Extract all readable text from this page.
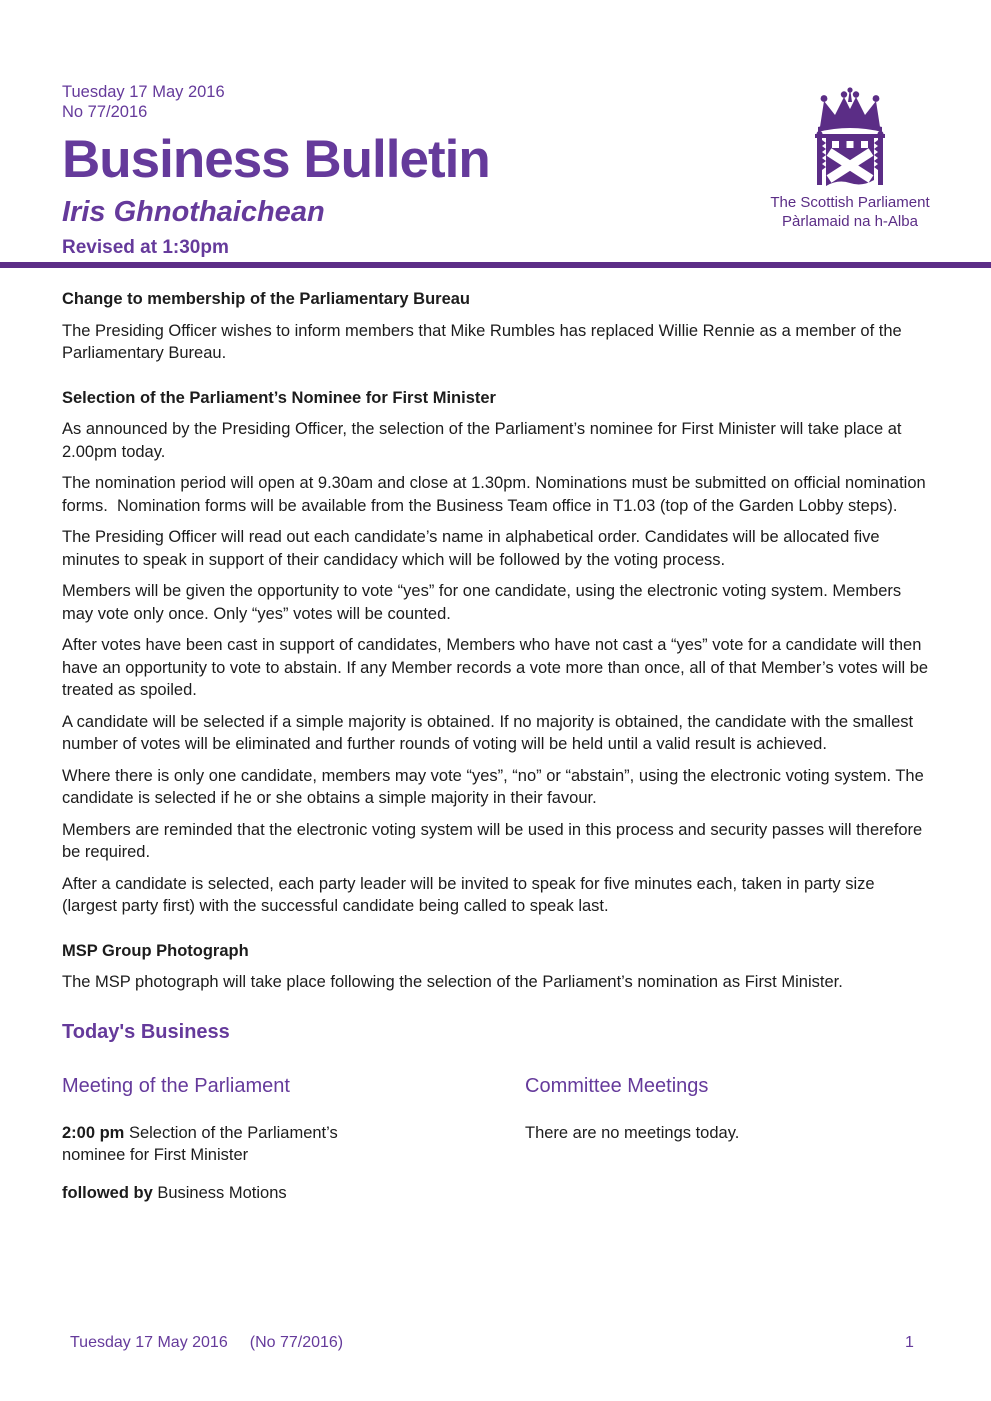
Tuesday 17 May 2016
No 77/2016
Business Bulletin
Iris Ghnothaichean
Revised at 1:30pm
The Scottish Parliament
Pàrlamaid na h-Alba
Change to membership of the Parliamentary Bureau

The Presiding Officer wishes to inform members that Mike Rumbles has replaced Willie Rennie as a member of the Parliamentary Bureau.

Selection of the Parliament’s Nominee for First Minister

As announced by the Presiding Officer, the selection of the Parliament’s nominee for First Minister will take place at 2.00pm today.

The nomination period will open at 9.30am and close at 1.30pm. Nominations must be submitted on official nomination forms.  Nomination forms will be available from the Business Team office in T1.03 (top of the Garden Lobby steps).

The Presiding Officer will read out each candidate’s name in alphabetical order. Candidates will be allocated five minutes to speak in support of their candidacy which will be followed by the voting process.

Members will be given the opportunity to vote “yes” for one candidate, using the electronic voting system. Members may vote only once. Only “yes” votes will be counted.

After votes have been cast in support of candidates, Members who have not cast a “yes” vote for a candidate will then have an opportunity to vote to abstain. If any Member records a vote more than once, all of that Member’s votes will be treated as spoiled.

A candidate will be selected if a simple majority is obtained. If no majority is obtained, the candidate with the smallest number of votes will be eliminated and further rounds of voting will be held until a valid result is achieved.

Where there is only one candidate, members may vote “yes”, “no” or “abstain”, using the electronic voting system. The candidate is selected if he or she obtains a simple majority in their favour.

Members are reminded that the electronic voting system will be used in this process and security passes will therefore be required.

After a candidate is selected, each party leader will be invited to speak for five minutes each, taken in party size (largest party first) with the successful candidate being called to speak last.

MSP Group Photograph

The MSP photograph will take place following the selection of the Parliament’s nomination as First Minister.

Today's Business
Meeting of the Parliament

2:00 pm Selection of the Parliament’s nominee for First Minister

followed by Business Motions

Committee Meetings

There are no meetings today.

Tuesday 17 May 2016 (No 77/2016)	1
